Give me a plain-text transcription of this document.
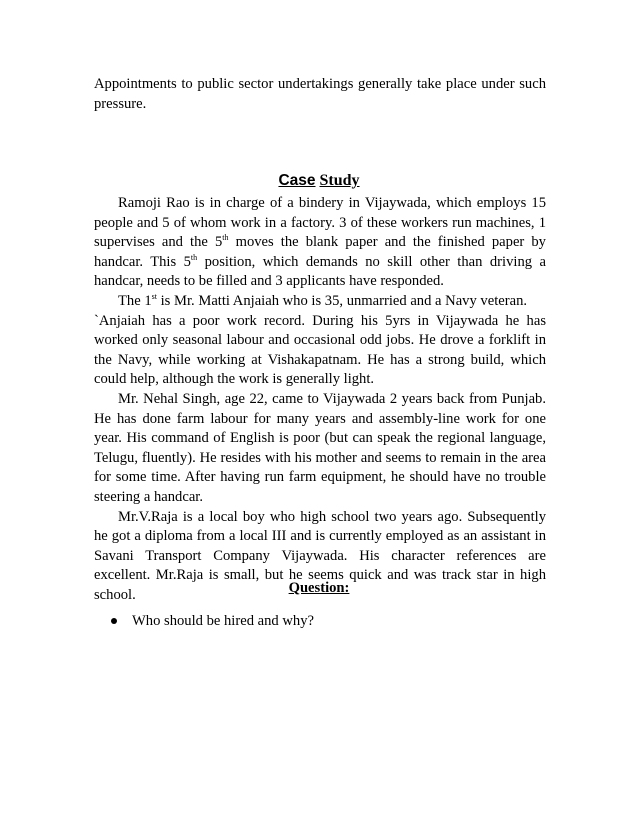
Appointments to public sector undertakings generally take place under such pressure.

Case Study

Ramoji Rao is in charge of a bindery in Vijaywada, which employs 15 people and 5 of whom work in a factory. 3 of these workers run machines, 1 supervises and the 5th moves the blank paper and the finished paper by handcar. This 5th position, which demands no skill other than driving a handcar, needs to be filled and 3 applicants have responded.

The 1st is Mr. Matti Anjaiah who is 35, unmarried and a Navy veteran.

`Anjaiah has a poor work record. During his 5yrs in Vijaywada he has worked only seasonal labour and occasional odd jobs. He drove a forklift in the Navy, while working at Vishakapatnam. He has a strong build, which could help, although the work is generally light.

Mr. Nehal Singh, age 22, came to Vijaywada 2 years back from Punjab. He has done farm labour for many years and assembly-line work for one year. His command of English is poor (but can speak the regional language, Telugu, fluently). He resides with his mother and seems to remain in the area for some time. After having run farm equipment, he should have no trouble steering a handcar.

Mr.V.Raja is a local boy who high school two years ago. Subsequently he got a diploma from a local III and is currently employed as an assistant in Savani Transport Company Vijaywada. His character references are excellent. Mr.Raja is small, but he seems quick and was track star in high school.	Question:
Who should be hired and why?
